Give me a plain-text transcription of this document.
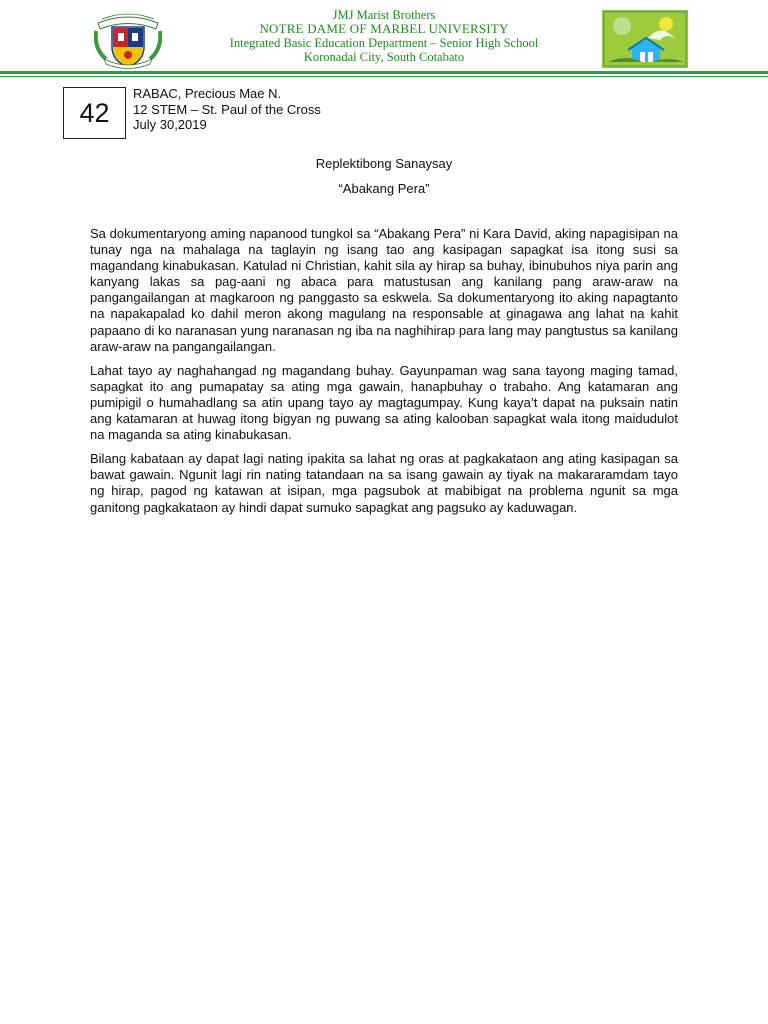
JMJ Marist Brothers
NOTRE DAME OF MARBEL UNIVERSITY
Integrated Basic Education Department – Senior High School
Koronadal City, South Cotabato
42
RABAC, Precious Mae N.
12 STEM – St. Paul of the Cross
July 30,2019
Replektibong Sanaysay
“Abakang Pera”

Sa dokumentaryong aming napanood tungkol sa “Abakang Pera” ni Kara David, aking napagisipan na tunay nga na mahalaga na taglayin ng isang tao ang kasipagan sapagkat isa itong susi sa magandang kinabukasan. Katulad ni Christian, kahit sila ay hirap sa buhay, ibinubuhos niya parin ang kanyang lakas sa pag-aani ng abaca para matustusan ang kanilang pang araw-araw na pangangailangan at magkaroon ng panggasto sa eskwela. Sa dokumentaryong ito aking napagtanto na napakapalad ko dahil meron akong magulang na responsable at ginagawa ang lahat na kahit papaano di ko naranasan yung naranasan ng iba na naghihirap para lang may pangtustus sa kanilang araw-araw na pangangailangan.

Lahat tayo ay naghahangad ng magandang buhay. Gayunpaman wag sana tayong maging tamad, sapagkat ito ang pumapatay sa ating mga gawain, hanapbuhay o trabaho. Ang katamaran ang pumipigil o humahadlang sa atin upang tayo ay magtagumpay. Kung kaya’t dapat na puksain natin ang katamaran at huwag itong bigyan ng puwang sa ating kalooban sapagkat wala itong maidudulot na maganda sa ating kinabukasan.

Bilang kabataan ay dapat lagi nating ipakita sa lahat ng oras at pagkakataon ang ating kasipagan sa bawat gawain. Ngunit lagi rin nating tatandaan na sa isang gawain ay tiyak na makararamdam tayo ng hirap, pagod ng katawan at isipan, mga pagsubok at mabibigat na problema ngunit sa mga ganitong pagkakataon ay hindi dapat sumuko sapagkat ang pagsuko ay kaduwagan.
